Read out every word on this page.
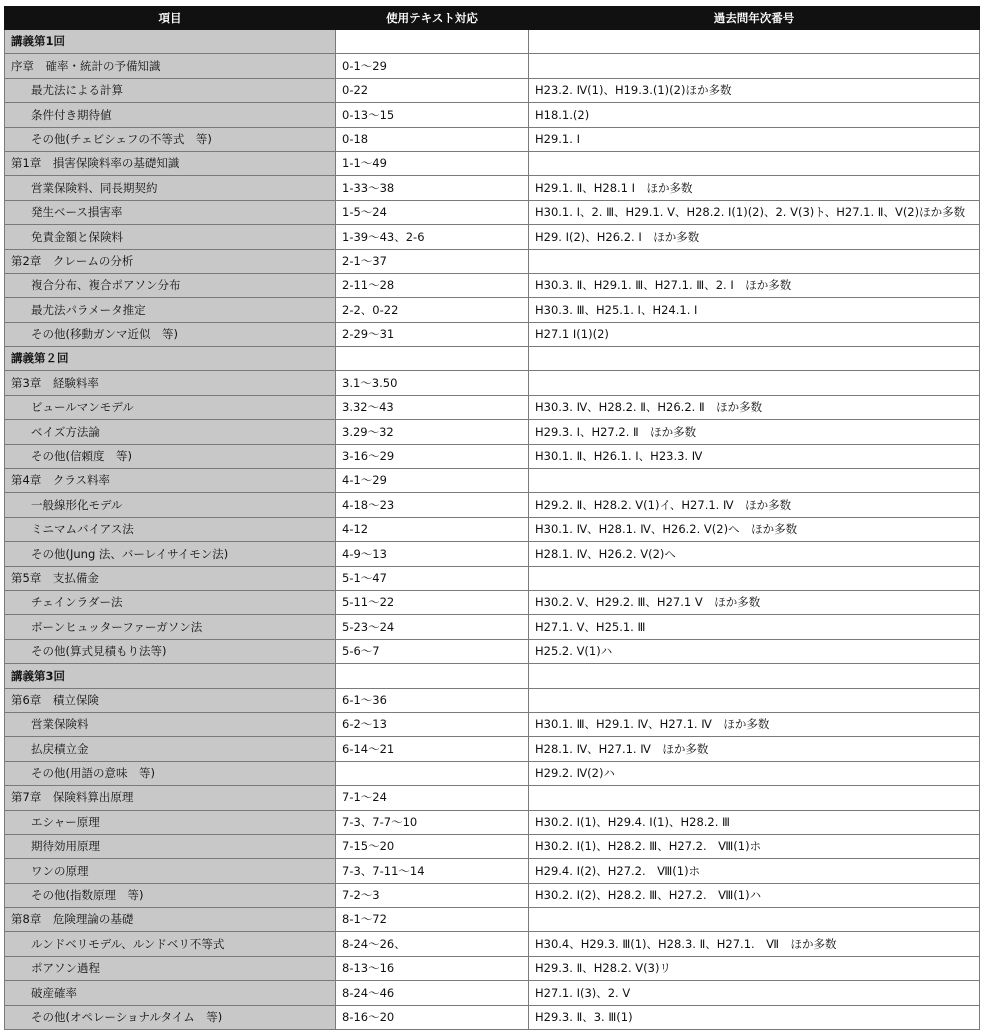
項目	使用テキスト対応	過去問年次番号
講義第1回		
序章　確率・統計の予備知識	0-1～29	
最尤法による計算	0-22	H23.2. Ⅳ(1)、H19.3.(1)(2)ほか多数
条件付き期待値	0-13～15	H18.1.(2)
その他(チェビシェフの不等式　等)	0-18	H29.1. Ⅰ
第1章　損害保険料率の基礎知識	1-1～49	
営業保険料、同長期契約	1-33～38	H29.1. Ⅱ、H28.1 Ⅰ　ほか多数
発生ベース損害率	1-5～24	H30.1. Ⅰ、2. Ⅲ、H29.1. Ⅴ、H28.2. Ⅰ(1)(2)、2. Ⅴ(3)ト、H27.1. Ⅱ、Ⅴ(2)ほか多数
免責金額と保険料	1-39～43、2-6	H29. Ⅰ(2)、H26.2. Ⅰ　ほか多数
第2章　クレームの分析	2-1～37	
複合分布、複合ポアソン分布	2-11～28	H30.3. Ⅱ、H29.1. Ⅲ、H27.1. Ⅲ、2. Ⅰ　ほか多数
最尤法パラメータ推定	2-2、0-22	H30.3. Ⅲ、H25.1. Ⅰ、H24.1. Ⅰ
その他(移動ガンマ近似　等)	2-29～31	H27.1 Ⅰ(1)(2)
講義第２回		
第3章　経験料率	3.1～3.50	
ビュールマンモデル	3.32～43	H30.3. Ⅳ、H28.2. Ⅱ、H26.2. Ⅱ　ほか多数
ベイズ方法論	3.29～32	H29.3. Ⅰ、H27.2. Ⅱ　ほか多数
その他(信頼度　等)	3-16～29	H30.1. Ⅱ、H26.1. Ⅰ、H23.3. Ⅳ
第4章　クラス料率	4-1～29	
一般線形化モデル	4-18～23	H29.2. Ⅱ、H28.2. Ⅴ(1)イ、H27.1. Ⅳ　ほか多数
ミニマムバイアス法	4-12	H30.1. Ⅳ、H28.1. Ⅳ、H26.2. Ⅴ(2)へ　ほか多数
その他(Jung 法、バーレイサイモン法)	4-9～13	H28.1. Ⅳ、H26.2. Ⅴ(2)へ
第5章　支払備金	5-1～47	
チェインラダー法	5-11～22	H30.2. Ⅴ、H29.2. Ⅲ、H27.1 Ⅴ　ほか多数
ボーンヒュッターファーガソン法	5-23～24	H27.1. Ⅴ、H25.1. Ⅲ
その他(算式見積もり法等)	5-6～7	H25.2. Ⅴ(1)ハ
講義第3回		
第6章　積立保険	6-1～36	
営業保険料	6-2～13	H30.1. Ⅲ、H29.1. Ⅳ、H27.1. Ⅳ　ほか多数
払戻積立金	6-14～21	H28.1. Ⅳ、H27.1. Ⅳ　ほか多数
その他(用語の意味　等)		H29.2. Ⅳ(2)ハ
第7章　保険料算出原理	7-1～24	
エシャー原理	7-3、7-7～10	H30.2. Ⅰ(1)、H29.4. Ⅰ(1)、H28.2. Ⅲ
期待効用原理	7-15～20	H30.2. Ⅰ(1)、H28.2. Ⅲ、H27.2.　Ⅷ(1)ホ
ワンの原理	7-3、7-11～14	H29.4. Ⅰ(2)、H27.2.　Ⅷ(1)ホ
その他(指数原理　等)	7-2～3	H30.2. Ⅰ(2)、H28.2. Ⅲ、H27.2.　Ⅷ(1)ハ
第8章　危険理論の基礎	8-1～72	
ルンドベリモデル、ルンドベリ不等式	8-24～26、	H30.4、H29.3. Ⅲ(1)、H28.3. Ⅱ、H27.1.　Ⅶ　ほか多数
ポアソン過程	8-13～16	H29.3. Ⅱ、H28.2. Ⅴ(3)リ
破産確率	8-24～46	H27.1. Ⅰ(3)、2. Ⅴ
その他(オペレーショナルタイム　等)	8-16～20	H29.3. Ⅱ、3. Ⅲ(1)
